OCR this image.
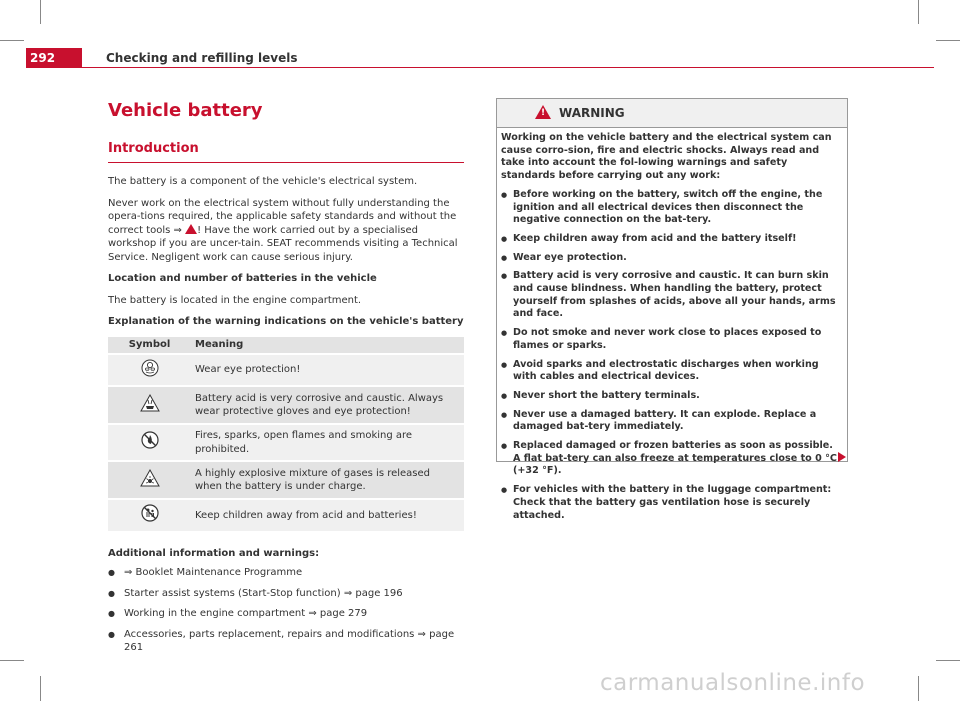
292	Checking and refilling levels
Vehicle battery
Introduction

The battery is a component of the vehicle's electrical system.

Never work on the electrical system without fully understanding the opera-tions required, the applicable safety standards and without the correct tools ⇒ ! Have the work carried out by a specialised workshop if you are uncer-tain. SEAT recommends visiting a Technical Service. Negligent work can cause serious injury.

Location and number of batteries in the vehicle

The battery is located in the engine compartment.

Explanation of the warning indications on the vehicle's battery

Symbol	Meaning
	Wear eye protection!
	Battery acid is very corrosive and caustic. Always wear protective gloves and eye protection!
	Fires, sparks, open flames and smoking are prohibited.
	A highly explosive mixture of gases is released when the battery is under charge.
	Keep children away from acid and batteries!

Additional information and warnings:

● ⇒ Booklet Maintenance Programme
● Starter assist systems (Start-Stop function) ⇒ page 196
● Working in the engine compartment ⇒ page 279
● Accessories, parts replacement, repairs and modifications ⇒ page 261
! WARNING

Working on the vehicle battery and the electrical system can cause corro-sion, fire and electric shocks. Always read and take into account the fol-lowing warnings and safety standards before carrying out any work:

● Before working on the battery, switch off the engine, the ignition and all electrical devices then disconnect the negative connection on the bat-tery.
● Keep children away from acid and the battery itself!
● Wear eye protection.
● Battery acid is very corrosive and caustic. It can burn skin and cause blindness. When handling the battery, protect yourself from splashes of acids, above all your hands, arms and face.
● Do not smoke and never work close to places exposed to flames or sparks.
● Avoid sparks and electrostatic discharges when working with cables and electrical devices.
● Never short the battery terminals.
● Never use a damaged battery. It can explode. Replace a damaged bat-tery immediately.
● Replaced damaged or frozen batteries as soon as possible. A flat bat-tery can also freeze at temperatures close to 0 °C (+32 °F).
● For vehicles with the battery in the luggage compartment: Check that the battery gas ventilation hose is securely attached.
carmanualsonline.info
